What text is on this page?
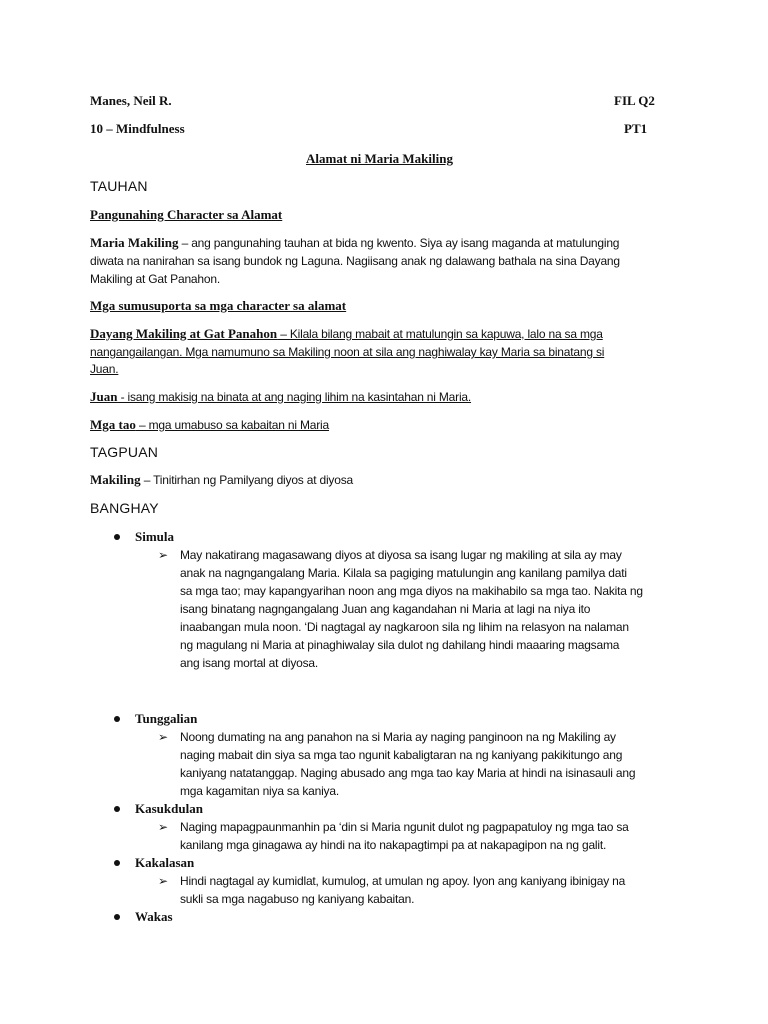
Manes, Neil R.	FIL Q2
10 – Mindfulness	PT1
Alamat ni Maria Makiling
TAUHAN
Pangunahing Character sa Alamat
Maria Makiling – ang pangunahing tauhan at bida ng kwento. Siya ay isang maganda at matulunging
diwata na nanirahan sa isang bundok ng Laguna. Nagiisang anak ng dalawang bathala na sina Dayang
Makiling at Gat Panahon.
Mga sumusuporta sa mga character sa alamat
Dayang Makiling at Gat Panahon – Kilala bilang mabait at matulungin sa kapuwa, lalo na sa mga
nangangailangan. Mga namumuno sa Makiling noon at sila ang naghiwalay kay Maria sa binatang si
Juan.
Juan - isang makisig na binata at ang naging lihim na kasintahan ni Maria.
Mga tao – mga umabuso sa kabaitan ni Maria
TAGPUAN
Makiling – Tinitirhan ng Pamilyang diyos at diyosa
BANGHAY
Simula
➢ May nakatirang magasawang diyos at diyosa sa isang lugar ng makiling at sila ay may
anak na nagngangalang Maria. Kilala sa pagiging matulungin ang kanilang pamilya dati
sa mga tao; may kapangyarihan noon ang mga diyos na makihabilo sa mga tao. Nakita ng
isang binatang nagngangalang Juan ang kagandahan ni Maria at lagi na niya ito
inaabangan mula noon. ‘Di nagtagal ay nagkaroon sila ng lihim na relasyon na nalaman
ng magulang ni Maria at pinaghiwalay sila dulot ng dahilang hindi maaaring magsama
ang isang mortal at diyosa.
Tunggalian
➢ Noong dumating na ang panahon na si Maria ay naging panginoon na ng Makiling ay
naging mabait din siya sa mga tao ngunit kabaligtaran na ng kaniyang pakikitungo ang
kaniyang natatanggap. Naging abusado ang mga tao kay Maria at hindi na isinasauli ang
mga kagamitan niya sa kaniya.
Kasukdulan
➢ Naging mapagpaunmanhin pa ‘din si Maria ngunit dulot ng pagpapatuloy ng mga tao sa
kanilang mga ginagawa ay hindi na ito nakapagtimpi pa at nakapagipon na ng galit.
Kakalasan
➢ Hindi nagtagal ay kumidlat, kumulog, at umulan ng apoy. Iyon ang kaniyang ibinigay na
sukli sa mga nagabuso ng kaniyang kabaitan.
Wakas
